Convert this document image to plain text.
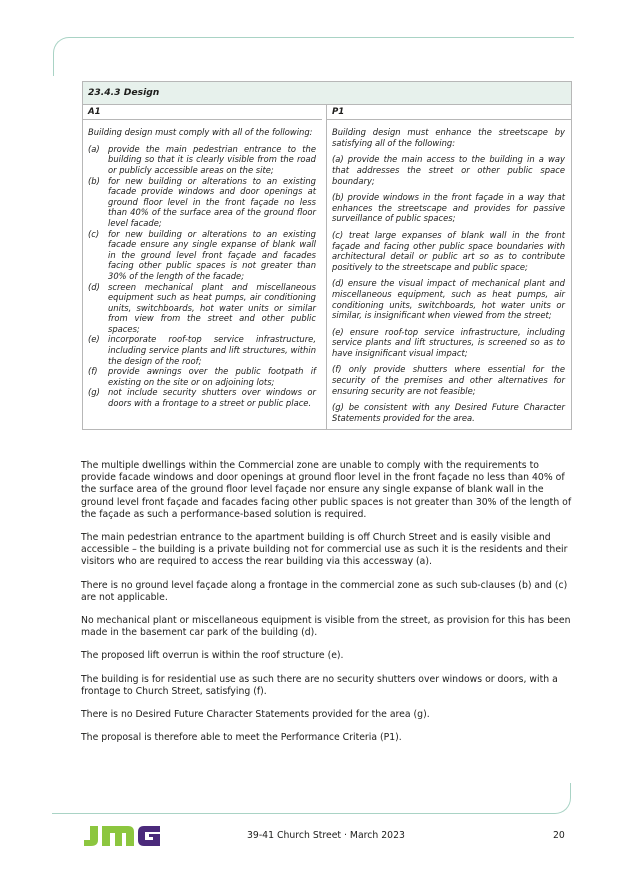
23.4.3 Design
A1

Building design must comply with all of the following:

(a) provide the main pedestrian entrance to the building so that it is clearly visible from the road or publicly accessible areas on the site;
(b) for new building or alterations to an existing facade provide windows and door openings at ground floor level in the front façade no less than 40% of the surface area of the ground floor level facade;
(c)	for new building or alterations to an existing facade ensure any single expanse of blank wall in the ground level front façade and facades facing other public spaces is not greater than 30% of the length of the facade;
(d) screen mechanical plant and miscellaneous equipment such as heat pumps, air conditioning units, switchboards, hot water units or similar from view from the street and other public spaces;
(e) incorporate roof-top service infrastructure, including service plants and lift structures, within the design of the roof;
(f)	provide awnings over the public footpath if existing on the site or on adjoining lots;
(g) not include security shutters over windows or doors with a frontage to a street or public place.
P1

Building design must enhance the streetscape by satisfying all of the following:

(a) provide the main access to the building in a way that addresses the street or other public space boundary;

(b) provide windows in the front façade in a way that enhances the streetscape and provides for passive surveillance of public spaces;

(c) treat large expanses of blank wall in the front façade and facing other public space boundaries with architectural detail or public art so as to contribute positively to the streetscape and public space;

(d) ensure the visual impact of mechanical plant and miscellaneous equipment, such as heat pumps, air conditioning units, switchboards, hot water units or similar, is insignificant when viewed from the street;

(e) ensure roof-top service infrastructure, including service plants and lift structures, is screened so as to have insignificant visual impact;

(f) only provide shutters where essential for the security of the premises and other alternatives for ensuring security are not feasible;

(g) be consistent with any Desired Future Character Statements provided for the area.

The multiple dwellings within the Commercial zone are unable to comply with the requirements to provide facade windows and door openings at ground floor level in the front façade no less than 40% of the surface area of the ground floor level façade nor ensure any single expanse of blank wall in the ground level front façade and facades facing other public spaces is not greater than 30% of the length of the façade as such a performance-based solution is required.

The main pedestrian entrance to the apartment building is off Church Street and is easily visible and accessible – the building is a private building not for commercial use as such it is the residents and their visitors who are required to access the rear building via this accessway (a).

There is no ground level façade along a frontage in the commercial zone as such sub-clauses (b) and (c) are not applicable.

No mechanical plant or miscellaneous equipment is visible from the street, as provision for this has been made in the basement car park of the building (d).

The proposed lift overrun is within the roof structure (e).

The building is for residential use as such there are no security shutters over windows or doors, with a frontage to Church Street, satisfying (f).

There is no Desired Future Character Statements provided for the area (g).

The proposal is therefore able to meet the Performance Criteria (P1).

39-41 Church Street · March 2023	20
